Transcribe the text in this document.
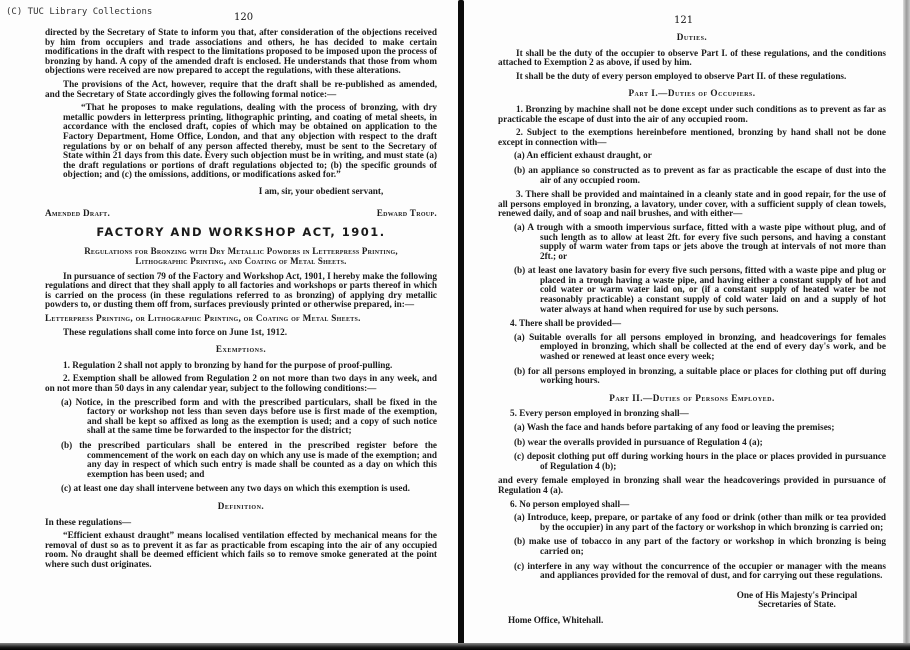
(C) TUC Library Collections	120

directed by the Secretary of State to inform you that, after consideration of the objections received by him from occupiers and trade associations and others, he has decided to make certain modifications in the draft with respect to the limitations proposed to be imposed upon the process of bronzing by hand. A copy of the amended draft is enclosed. He understands that those from whom objections were received are now prepared to accept the regulations, with these alterations.

The provisions of the Act, however, require that the draft shall be re-published as amended, and the Secretary of State accordingly gives the following formal notice:—

“That he proposes to make regulations, dealing with the process of bronzing, with dry metallic powders in letterpress printing, lithographic printing, and coating of metal sheets, in accordance with the enclosed draft, copies of which may be obtained on application to the Factory Department, Home Office, London, and that any objection with respect to the draft regulations by or on behalf of any person affected thereby, must be sent to the Secretary of State within 21 days from this date. Every such objection must be in writing, and must state (a) the draft regulations or portions of draft regulations objected to; (b) the specific grounds of objection; and (c) the omissions, additions, or modifications asked for.”

I am, sir, your obedient servant,
Amended Draft.	Edward Troup.
FACTORY AND WORKSHOP ACT, 1901.
Regulations for Bronzing with Dry Metallic Powders in Letterpress Printing,
Lithographic Printing, and Coating of Metal Sheets.

In pursuance of section 79 of the Factory and Workshop Act, 1901, I hereby make the following regulations and direct that they shall apply to all factories and workshops or parts thereof in which is carried on the process (in these regulations referred to as bronzing) of applying dry metallic powders to, or dusting them off from, surfaces previously printed or otherwise prepared, in:—

Letterpress Printing, or Lithographic Printing, or Coating of Metal Sheets.

These regulations shall come into force on June 1st, 1912.

Exemptions.

1. Regulation 2 shall not apply to bronzing by hand for the purpose of proof-pulling.

2. Exemption shall be allowed from Regulation 2 on not more than two days in any week, and on not more than 50 days in any calendar year, subject to the following conditions:—

(a) Notice, in the prescribed form and with the prescribed particulars, shall be fixed in the factory or workshop not less than seven days before use is first made of the exemption, and shall be kept so affixed as long as the exemption is used; and a copy of such notice shall at the same time be forwarded to the inspector for the district;

(b) the prescribed particulars shall be entered in the prescribed register before the commencement of the work on each day on which any use is made of the exemption; and any day in respect of which such entry is made shall be counted as a day on which this exemption has been used; and

(c) at least one day shall intervene between any two days on which this exemption is used.

Definition.

In these regulations—

“Efficient exhaust draught” means localised ventilation effected by mechanical means for the removal of dust so as to prevent it as far as practicable from escaping into the air of any occupied room. No draught shall be deemed efficient which fails so to remove smoke generated at the point where such dust originates.

121
Duties.

It shall be the duty of the occupier to observe Part I. of these regulations, and the conditions attached to Exemption 2 as above, if used by him.

It shall be the duty of every person employed to observe Part II. of these regulations.

Part I.—Duties of Occupiers.

1. Bronzing by machine shall not be done except under such conditions as to prevent as far as practicable the escape of dust into the air of any occupied room.

2. Subject to the exemptions hereinbefore mentioned, bronzing by hand shall not be done except in connection with—

(a) An efficient exhaust draught, or

(b) an appliance so constructed as to prevent as far as practicable the escape of dust into the air of any occupied room.

3. There shall be provided and maintained in a cleanly state and in good repair, for the use of all persons employed in bronzing, a lavatory, under cover, with a sufficient supply of clean towels, renewed daily, and of soap and nail brushes, and with either—

(a) A trough with a smooth impervious surface, fitted with a waste pipe without plug, and of such length as to allow at least 2ft. for every five such persons, and having a constant supply of warm water from taps or jets above the trough at intervals of not more than 2ft.; or

(b) at least one lavatory basin for every five such persons, fitted with a waste pipe and plug or placed in a trough having a waste pipe, and having either a constant supply of hot and cold water or warm water laid on, or (if a constant supply of heated water be not reasonably practicable) a constant supply of cold water laid on and a supply of hot water always at hand when required for use by such persons.

4. There shall be provided—

(a) Suitable overalls for all persons employed in bronzing, and headcoverings for females employed in bronzing, which shall be collected at the end of every day's work, and be washed or renewed at least once every week;

(b) for all persons employed in bronzing, a suitable place or places for clothing put off during working hours.

Part II.—Duties of Persons Employed.

5. Every person employed in bronzing shall—

(a) Wash the face and hands before partaking of any food or leaving the premises;

(b) wear the overalls provided in pursuance of Regulation 4 (a);

(c) deposit clothing put off during working hours in the place or places provided in pursuance of Regulation 4 (b);

and every female employed in bronzing shall wear the headcoverings provided in pursuance of Regulation 4 (a).

6. No person employed shall—

(a) Introduce, keep, prepare, or partake of any food or drink (other than milk or tea provided by the occupier) in any part of the factory or workshop in which bronzing is carried on;

(b) make use of tobacco in any part of the factory or workshop in which bronzing is being carried on;

(c) interfere in any way without the concurrence of the occupier or manager with the means and appliances provided for the removal of dust, and for carrying out these regulations.

One of His Majesty's Principal
Secretaries of State.
Home Office, Whitehall.
